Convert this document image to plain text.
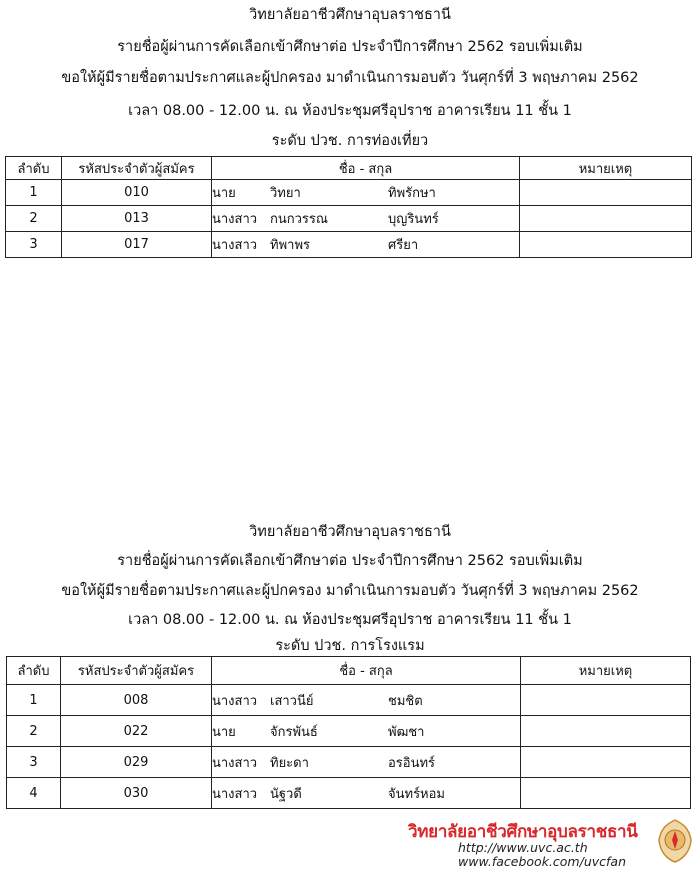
วิทยาลัยอาชีวศึกษาอุบลราชธานี
รายชื่อผู้ผ่านการคัดเลือกเข้าศึกษาต่อ ประจำปีการศึกษา 2562 รอบเพิ่มเติม
ขอให้ผู้มีรายชื่อตามประกาศและผู้ปกครอง มาดำเนินการมอบตัว วันศุกร์ที่ 3 พฤษภาคม 2562
เวลา 08.00 - 12.00 น. ณ ห้องประชุมศรีอุปราช อาคารเรียน 11 ชั้น 1
ระดับ ปวช. การท่องเที่ยว
ลำดับ	รหัสประจำตัวผู้สมัคร	ชื่อ - สกุล	หมายเหตุ
1	010	นาย วิทยา ทิพรักษา	
2	013	นางสาว กนกวรรณ บุญรินทร์	
3	017	นางสาว ทิพาพร ศรียา	
วิทยาลัยอาชีวศึกษาอุบลราชธานี
รายชื่อผู้ผ่านการคัดเลือกเข้าศึกษาต่อ ประจำปีการศึกษา 2562 รอบเพิ่มเติม
ขอให้ผู้มีรายชื่อตามประกาศและผู้ปกครอง มาดำเนินการมอบตัว วันศุกร์ที่ 3 พฤษภาคม 2562
เวลา 08.00 - 12.00 น. ณ ห้องประชุมศรีอุปราช อาคารเรียน 11 ชั้น 1
ระดับ ปวช. การโรงแรม
ลำดับ	รหัสประจำตัวผู้สมัคร	ชื่อ - สกุล	หมายเหตุ
1	008	นางสาว เสาวนีย์ ชมชิต	
2	022	นาย จักรพันธ์ พัฒชา	
3	029	นางสาว ทิยะดา อรอินทร์	
4	030	นางสาว นัฐวดี จันทร์หอม	
วิทยาลัยอาชีวศึกษาอุบลราชธานี
http://www.uvc.ac.th
www.facebook.com/uvcfan
